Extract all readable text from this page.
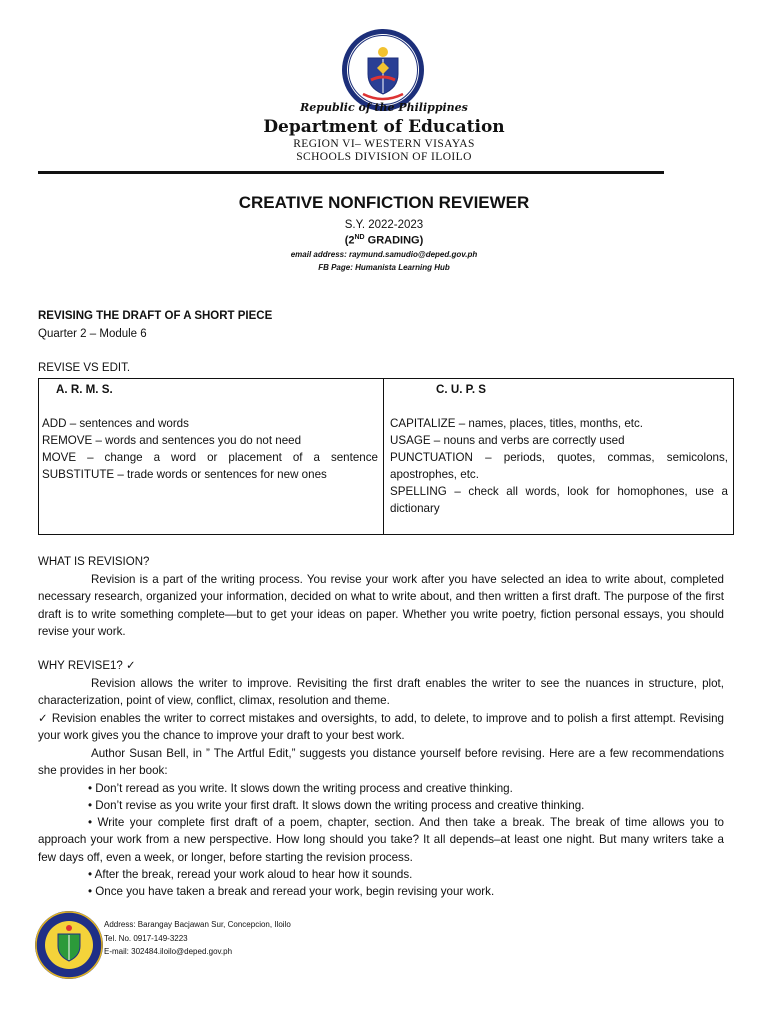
Republic of the Philippines
Department of Education
REGION VI– WESTERN VISAYAS
SCHOOLS DIVISION OF ILOILO
CREATIVE NONFICTION REVIEWER
S.Y. 2022-2023
(2ND GRADING)
email address: raymund.samudio@deped.gov.ph
FB Page: Humanista Learning Hub
REVISING THE DRAFT OF A SHORT PIECE
Quarter 2 – Module 6
REVISE VS EDIT.
A. R. M. S.
ADD – sentences and words
REMOVE – words and sentences you do not need
MOVE – change a word or placement of a sentence
SUBSTITUTE – trade words or sentences for new ones
C. U. P. S
CAPITALIZE – names, places, titles, months, etc.
USAGE – nouns and verbs are correctly used
PUNCTUATION – periods, quotes, commas, semicolons, apostrophes, etc.
SPELLING – check all words, look for homophones, use a dictionary
WHAT IS REVISION?
Revision is a part of the writing process. You revise your work after you have selected an idea to write about, completed necessary research, organized your information, decided on what to write about, and then written a first draft. The purpose of the first draft is to write something complete—but to get your ideas on paper. Whether you write poetry, fiction personal essays, you should revise your work.
WHY REVISE1? ✓
Revision allows the writer to improve. Revisiting the first draft enables the writer to see the nuances in structure, plot, characterization, point of view, conflict, climax, resolution and theme.
✓ Revision enables the writer to correct mistakes and oversights, to add, to delete, to improve and to polish a first attempt. Revising your work gives you the chance to improve your draft to your best work.
Author Susan Bell, in ” The Artful Edit,” suggests you distance yourself before revising. Here are a few recommendations she provides in her book:
• Don’t reread as you write. It slows down the writing process and creative thinking.
• Don’t revise as you write your first draft. It slows down the writing process and creative thinking.
• Write your complete first draft of a poem, chapter, section. And then take a break. The break of time allows you to approach your work from a new perspective. How long should you take? It all depends–at least one night. But many writers take a few days off, even a week, or longer, before starting the revision process.
• After the break, reread your work aloud to hear how it sounds.
• Once you have taken a break and reread your work, begin revising your work.
Address: Barangay Bacjawan Sur, Concepcion, Iloilo
Tel. No. 0917-149-3223
E-mail: 302484.iloilo@deped.gov.ph
